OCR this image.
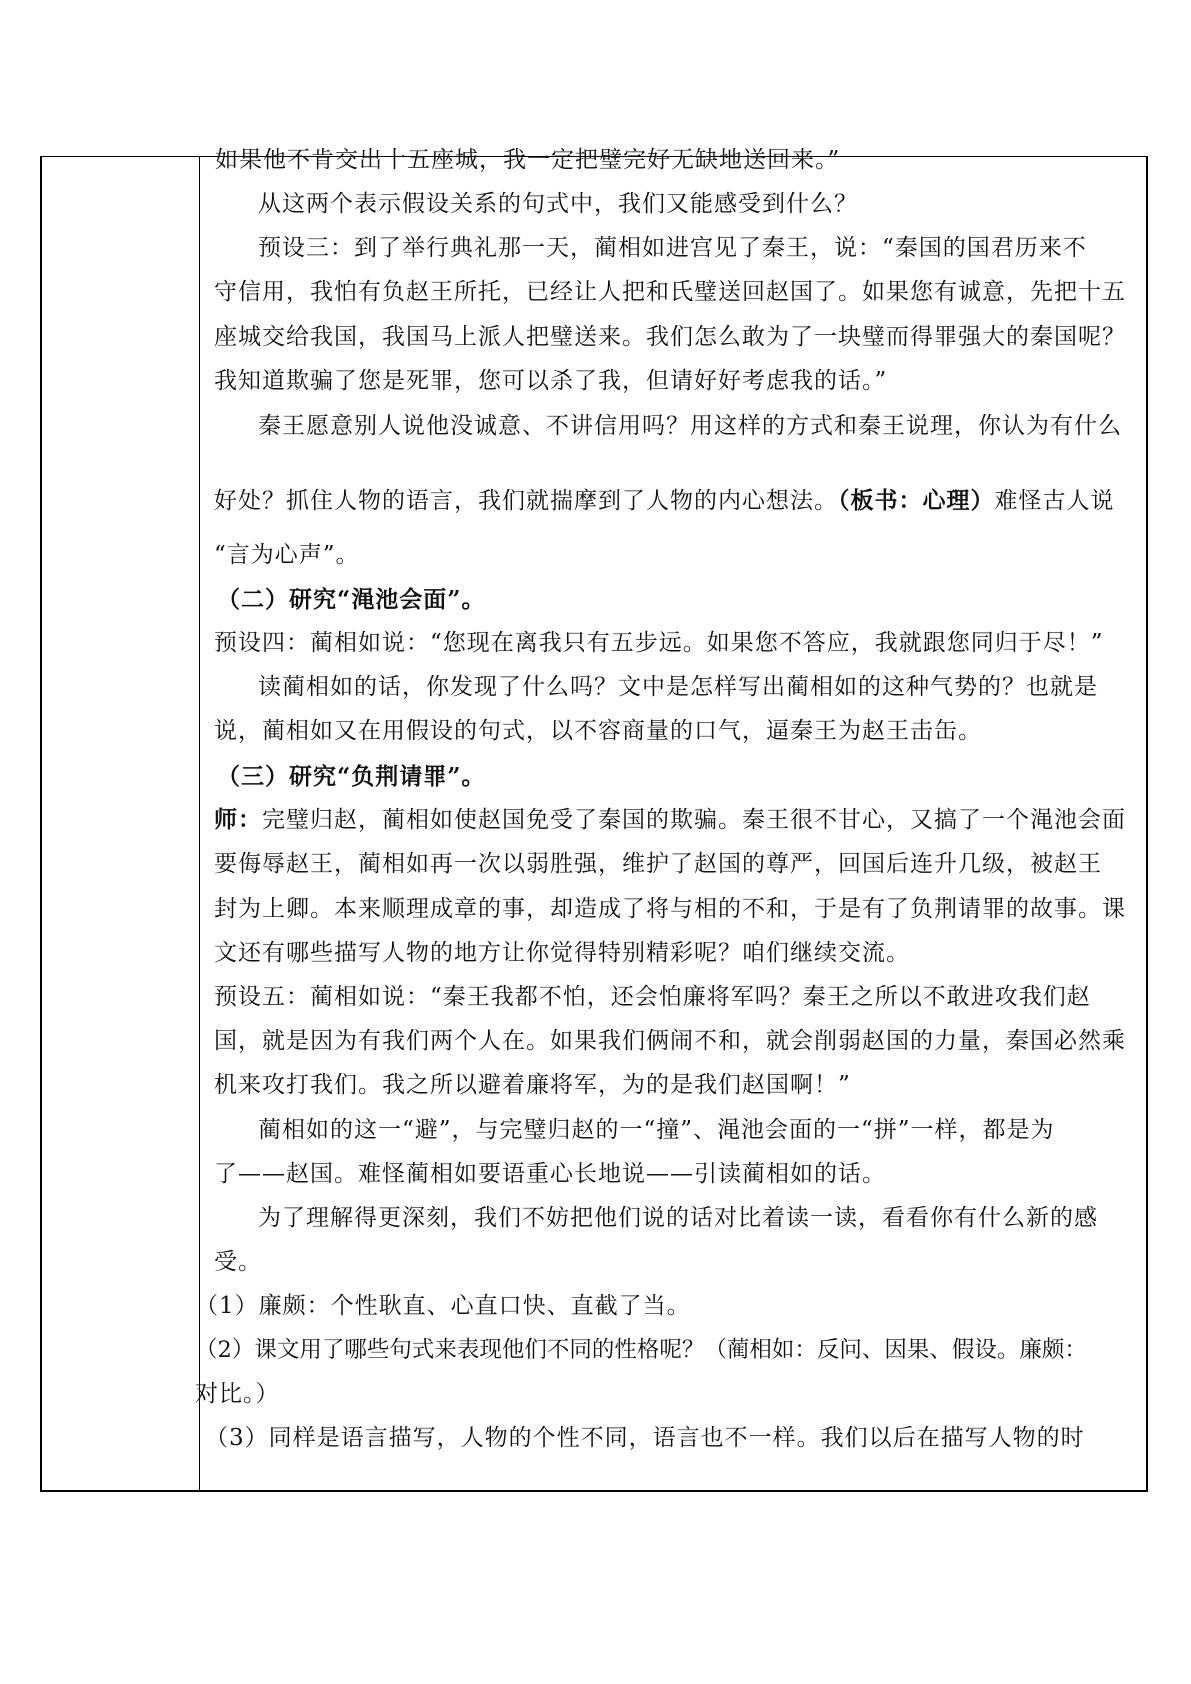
如果他不肯交出十五座城，我一定把璧完好无缺地送回来。”
从这两个表示假设关系的句式中，我们又能感受到什么？
预设三：到了举行典礼那一天，蔺相如进宫见了秦王，说：“秦国的国君历来不
守信用，我怕有负赵王所托，已经让人把和氏璧送回赵国了。如果您有诚意，先把十五
座城交给我国，我国马上派人把璧送来。我们怎么敢为了一块璧而得罪强大的秦国呢？
我知道欺骗了您是死罪，您可以杀了我，但请好好考虑我的话。”
秦王愿意别人说他没诚意、不讲信用吗？用这样的方式和秦王说理，你认为有什么
好处？抓住人物的语言，我们就揣摩到了人物的内心想法。（板书：心理）难怪古人说
“言为心声”。
（二）研究“渑池会面”。
预设四：蔺相如说：“您现在离我只有五步远。如果您不答应，我就跟您同归于尽！”
读蔺相如的话，你发现了什么吗？文中是怎样写出蔺相如的这种气势的？也就是
说，蔺相如又在用假设的句式，以不容商量的口气，逼秦王为赵王击缶。
（三）研究“负荆请罪”。
师：完璧归赵，蔺相如使赵国免受了秦国的欺骗。秦王很不甘心，又搞了一个渑池会面
要侮辱赵王，蔺相如再一次以弱胜强，维护了赵国的尊严，回国后连升几级，被赵王
封为上卿。本来顺理成章的事，却造成了将与相的不和，于是有了负荆请罪的故事。课
文还有哪些描写人物的地方让你觉得特别精彩呢？咱们继续交流。
预设五：蔺相如说：“秦王我都不怕，还会怕廉将军吗？秦王之所以不敢进攻我们赵
国，就是因为有我们两个人在。如果我们俩闹不和，就会削弱赵国的力量，秦国必然乘
机来攻打我们。我之所以避着廉将军，为的是我们赵国啊！”
蔺相如的这一“避”，与完璧归赵的一“撞”、渑池会面的一“拼”一样，都是为
了——赵国。难怪蔺相如要语重心长地说——引读蔺相如的话。
为了理解得更深刻，我们不妨把他们说的话对比着读一读，看看你有什么新的感
受。
（1）廉颇：个性耿直、心直口快、直截了当。
（2）课文用了哪些句式来表现他们不同的性格呢？（蔺相如：反问、因果、假设。廉颇：
对比。）
（3）同样是语言描写，人物的个性不同，语言也不一样。我们以后在描写人物的时
